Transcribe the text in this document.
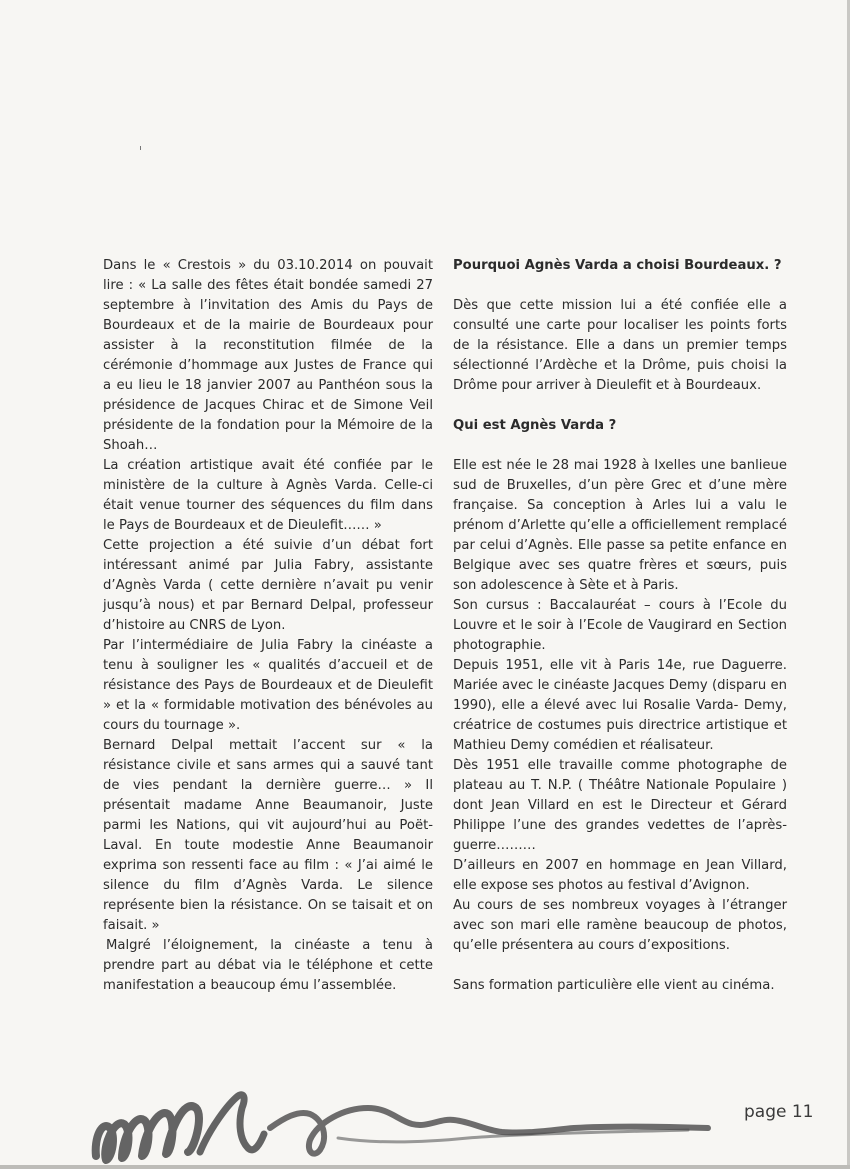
Dans le « Crestois » du 03.10.2014 on pouvait lire : « La salle des fêtes était bondée samedi 27 septembre à l’invitation des Amis du Pays de Bourdeaux et de la mairie de Bourdeaux pour assister à la reconstitution filmée de la cérémonie d’hommage aux Justes de France qui a eu lieu le 18 janvier 2007 au Panthéon sous la présidence de Jacques Chirac et de Simone Veil présidente de la fondation pour la Mémoire de la Shoah…

La création artistique avait été confiée par le ministère de la culture à Agnès Varda. Celle-ci était venue tourner des séquences du film dans le Pays de Bourdeaux et de Dieulefit…… »

Cette projection a été suivie d’un débat fort intéressant animé par Julia Fabry, assistante d’Agnès Varda ( cette dernière n’avait pu venir jusqu’à nous) et par Bernard Delpal, professeur d’histoire au CNRS de Lyon.

Par l’intermédiaire de Julia Fabry la cinéaste a tenu à souligner les « qualités d’accueil et de résistance des Pays de Bourdeaux et de Dieulefit » et la « formidable motivation des bénévoles au cours du tournage ».

Bernard Delpal mettait l’accent sur « la résistance civile et sans armes qui a sauvé tant de vies pendant la dernière guerre… » Il présentait madame Anne Beaumanoir, Juste parmi les Nations, qui vit aujourd’hui au Poët- Laval. En toute modestie Anne Beaumanoir exprima son ressenti face au film : « J’ai aimé le silence du film d’Agnès Varda. Le silence représente bien la résistance. On se taisait et on faisait. »

Malgré l’éloignement, la cinéaste a tenu à prendre part au débat via le téléphone et cette manifestation a beaucoup ému l’assemblée.

Pourquoi Agnès Varda a choisi Bourdeaux. ?

Dès que cette mission lui a été confiée elle a consulté une carte pour localiser les points forts de la résistance. Elle a dans un premier temps sélectionné l’Ardèche et la Drôme, puis choisi la Drôme pour arriver à Dieulefit et à Bourdeaux.

Qui est Agnès Varda ?

Elle est née le 28 mai 1928 à Ixelles une banlieue sud de Bruxelles, d’un père Grec et d’une mère française. Sa conception à Arles lui a valu le prénom d’Arlette qu’elle a officiellement remplacé par celui d’Agnès. Elle passe sa petite enfance en Belgique avec ses quatre frères et sœurs, puis son adolescence à Sète et à Paris.

Son cursus : Baccalauréat – cours à l’Ecole du Louvre et le soir à l’Ecole de Vaugirard en Section photographie.

Depuis 1951, elle vit à Paris 14e, rue Daguerre. Mariée avec le cinéaste Jacques Demy (disparu en 1990), elle a élevé avec lui Rosalie Varda- Demy, créatrice de costumes puis directrice artistique et Mathieu Demy comédien et réalisateur.

Dès 1951 elle travaille comme photographe de plateau au T. N.P. ( Théâtre Nationale Populaire ) dont Jean Villard en est le Directeur et Gérard Philippe l’une des grandes vedettes de l’après-guerre………

D’ailleurs en 2007 en hommage en Jean Villard, elle expose ses photos au festival d’Avignon.

Au cours de ses nombreux voyages à l’étranger avec son mari elle ramène beaucoup de photos, qu’elle présentera au cours d’expositions.

Sans formation particulière elle vient au cinéma.

page 11
